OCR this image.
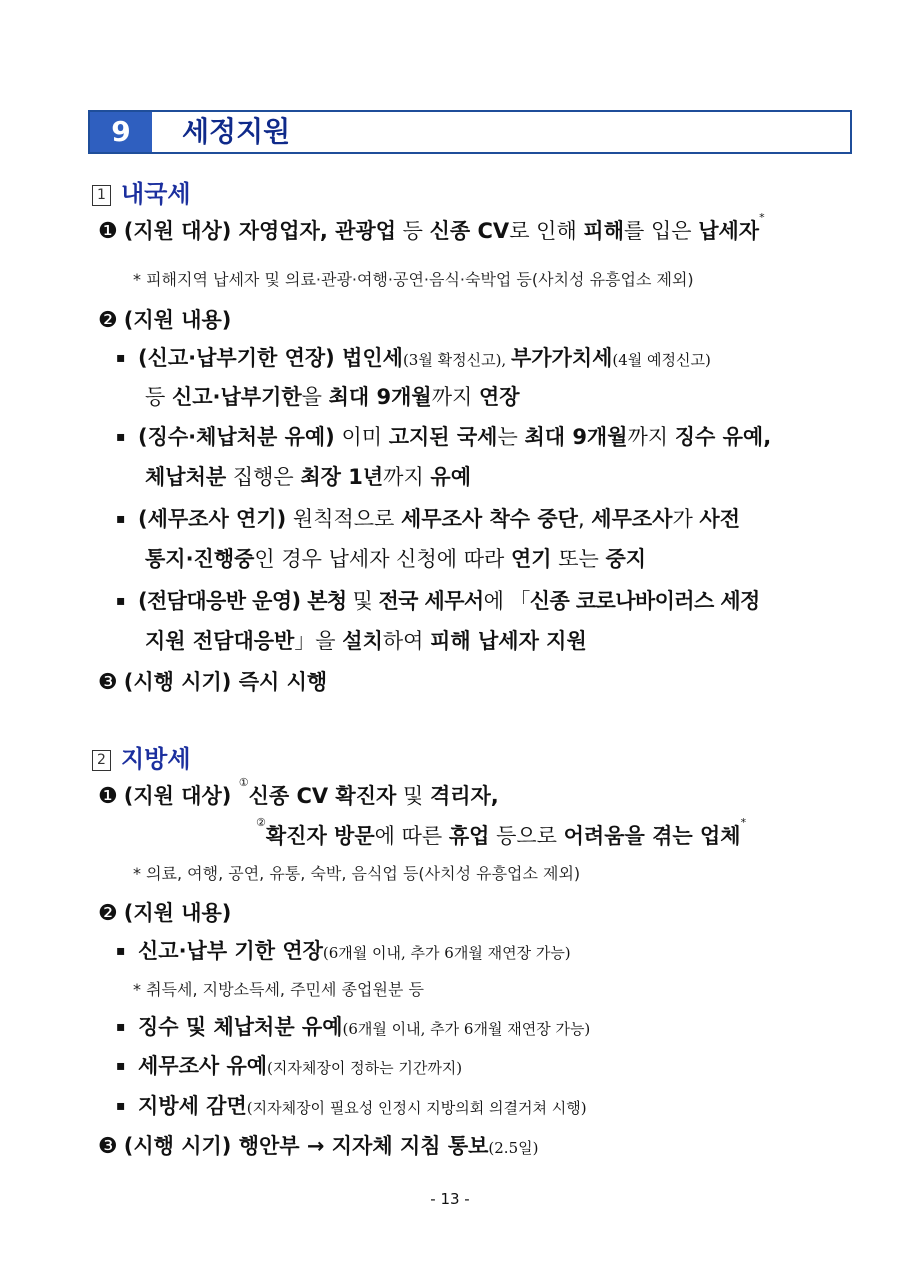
9	세정지원
1 내국세
❶ (지원 대상) 자영업자, 관광업 등 신종 CV로 인해 피해를 입은 납세자*
* 피해지역 납세자 및 의료·관광·여행·공연·음식·숙박업 등(사치성 유흥업소 제외)
❷ (지원 내용)
▪ (신고·납부기한 연장) 법인세(3월 확정신고), 부가가치세(4월 예정신고)
등 신고·납부기한을 최대 9개월까지 연장
▪ (징수·체납처분 유예) 이미 고지된 국세는 최대 9개월까지 징수 유예,
체납처분 집행은 최장 1년까지 유예
▪ (세무조사 연기) 원칙적으로 세무조사 착수 중단, 세무조사가 사전
통지·진행중인 경우 납세자 신청에 따라 연기 또는 중지
▪ (전담대응반 운영) 본청 및 전국 세무서에 「신종 코로나바이러스 세정
지원 전담대응반」을 설치하여 피해 납세자 지원
❸ (시행 시기) 즉시 시행
2 지방세
❶ (지원 대상) ①신종 CV 확진자 및 격리자,
②확진자 방문에 따른 휴업 등으로 어려움을 겪는 업체*
* 의료, 여행, 공연, 유통, 숙박, 음식업 등(사치성 유흥업소 제외)
❷ (지원 내용)
▪ 신고·납부 기한 연장(6개월 이내, 추가 6개월 재연장 가능)
* 취득세, 지방소득세, 주민세 종업원분 등
▪ 징수 및 체납처분 유예(6개월 이내, 추가 6개월 재연장 가능)
▪ 세무조사 유예(지자체장이 정하는 기간까지)
▪ 지방세 감면(지자체장이 필요성 인정시 지방의회 의결거쳐 시행)
❸ (시행 시기) 행안부 → 지자체 지침 통보(2.5일)
- 13 -
